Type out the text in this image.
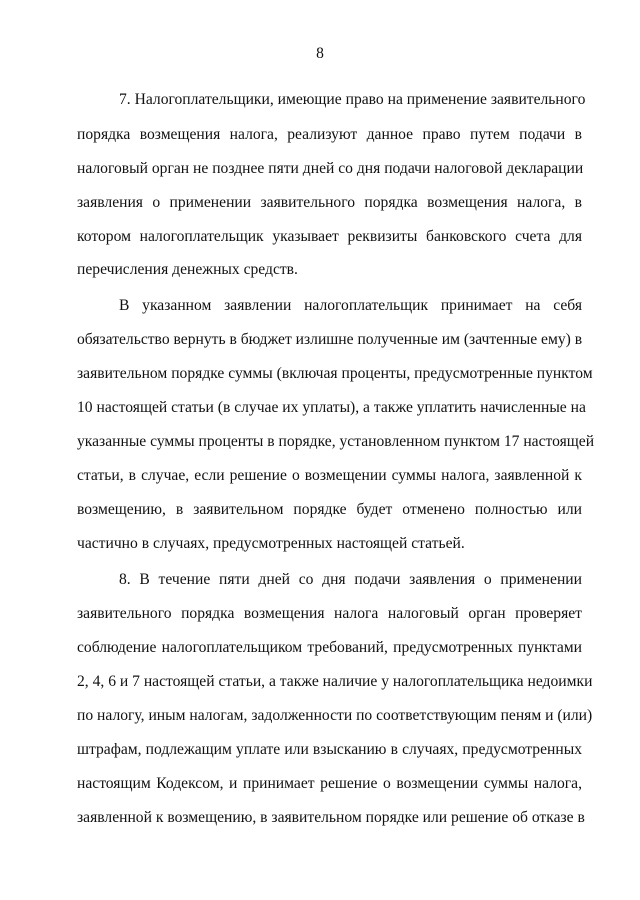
8
7. Налогоплательщики, имеющие право на применение заявительного
порядка возмещения налога, реализуют данное право путем подачи в
налоговый орган не позднее пяти дней со дня подачи налоговой декларации
заявления о применении заявительного порядка возмещения налога, в
котором налогоплательщик указывает реквизиты банковского счета для
перечисления денежных средств.
В указанном заявлении налогоплательщик принимает на себя
обязательство вернуть в бюджет излишне полученные им (зачтенные ему) в
заявительном порядке суммы (включая проценты, предусмотренные пунктом
10 настоящей статьи (в случае их уплаты), а также уплатить начисленные на
указанные суммы проценты в порядке, установленном пунктом 17 настоящей
статьи, в случае, если решение о возмещении суммы налога, заявленной к
возмещению, в заявительном порядке будет отменено полностью или
частично в случаях, предусмотренных настоящей статьей.
8. В течение пяти дней со дня подачи заявления о применении
заявительного порядка возмещения налога налоговый орган проверяет
соблюдение налогоплательщиком требований, предусмотренных пунктами
2, 4, 6 и 7 настоящей статьи, а также наличие у налогоплательщика недоимки
по налогу, иным налогам, задолженности по соответствующим пеням и (или)
штрафам, подлежащим уплате или взысканию в случаях, предусмотренных
настоящим Кодексом, и принимает решение о возмещении суммы налога,
заявленной к возмещению, в заявительном порядке или решение об отказе в
